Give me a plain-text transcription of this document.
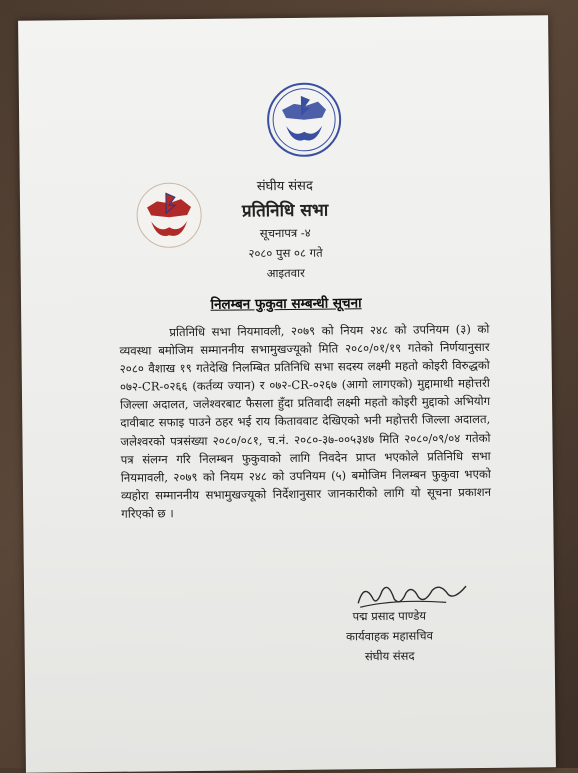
संघीय संसद
प्रतिनिधि सभा
सूचनापत्र -४
२०८० पुस ०८ गते
आइतवार
निलम्बन फुकुवा सम्बन्धी सूचना
प्रतिनिधि सभा नियमावली, २०७९ को नियम २४८ को उपनियम (३) को व्यवस्था बमोजिम सम्माननीय सभामुखज्यूको मिति २०८०/०१/१९ गतेको निर्णयानुसार २०८० वैशाख १९ गतेदेखि निलम्बित प्रतिनिधि सभा सदस्य लक्ष्मी महतो कोइरी विरुद्धको ०७२-CR-०२६६ (कर्तव्य ज्यान) र ०७२-CR-०२६७ (आगो लागएको) मुद्दामाथी महोत्तरी जिल्ला अदालत, जलेश्वरबाट फैसला हुँदा प्रतिवादी लक्ष्मी महतो कोइरी मुद्दाको अभियोग दावीबाट सफाइ पाउने ठहर भई राय किताववाट देखिएको भनी महोत्तरी जिल्ला अदालत, जलेश्वरको पत्रसंख्या २०८०/०८१, च.नं. २०८०-३७-००५३४७ मिति २०८०/०९/०४ गतेको पत्र संलग्न गरि निलम्बन फुकुवाको लागि निवदेन प्राप्त भएकोले प्रतिनिधि सभा नियमावली, २०७९ को नियम २४८ को उपनियम (५) बमोजिम निलम्बन फुकुवा भएको व्यहोरा सम्माननीय सभामुखज्यूको निर्देशानुसार जानकारीको लागि यो सूचना प्रकाशन गरिएको छ ।
पद्म प्रसाद पाण्डेय
कार्यवाहक महासचिव
संघीय संसद
